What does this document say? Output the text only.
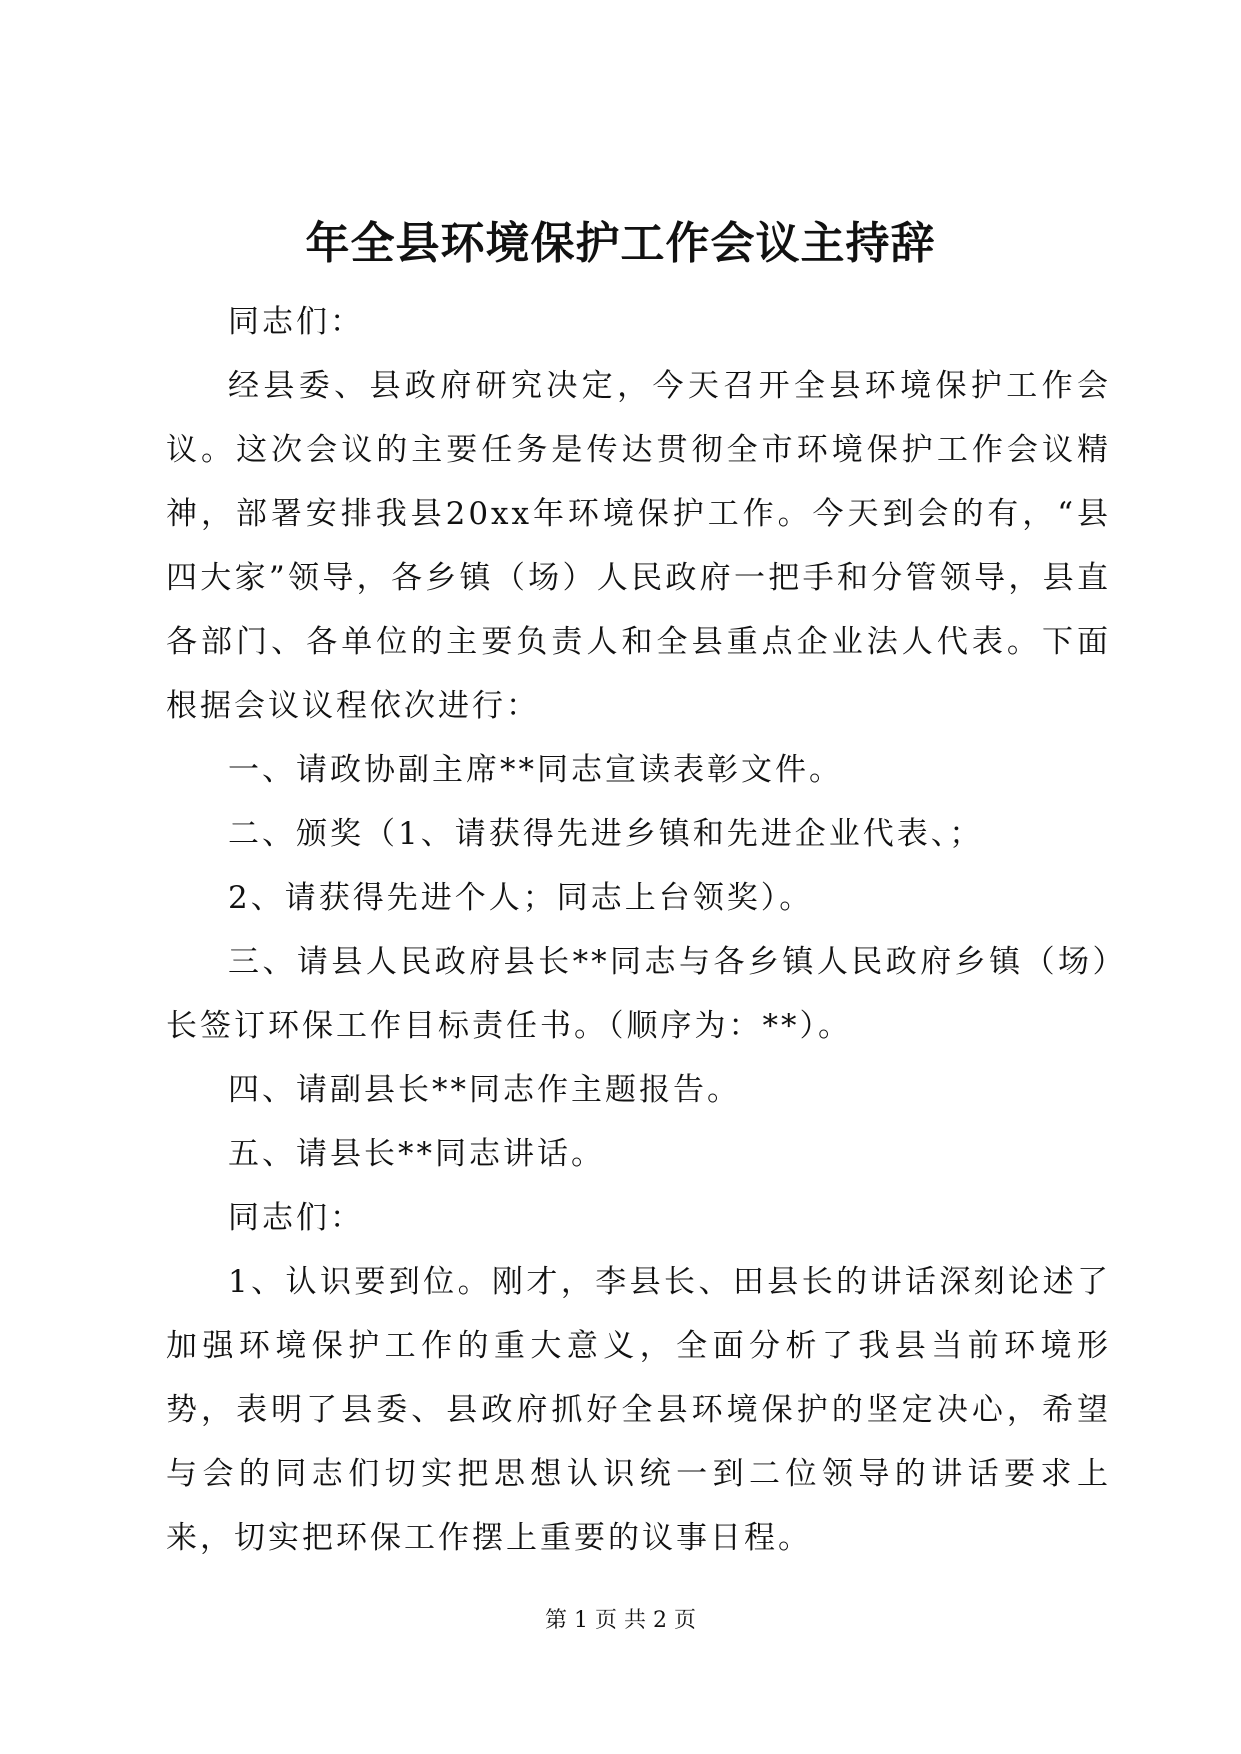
年全县环境保护工作会议主持辞

同志们：

经县委、县政府研究决定，今天召开全县环境保护工作会议。这次会议的主要任务是传达贯彻全市环境保护工作会议精神，部署安排我县20xx年环境保护工作。今天到会的有，“县四大家”领导，各乡镇（场）人民政府一把手和分管领导，县直各部门、各单位的主要负责人和全县重点企业法人代表。下面根据会议议程依次进行：

一、请政协副主席**同志宣读表彰文件。

二、颁奖（1、请获得先进乡镇和先进企业代表、；

2、请获得先进个人；同志上台领奖）。

三、请县人民政府县长**同志与各乡镇人民政府乡镇（场）长签订环保工作目标责任书。（顺序为：**）。

四、请副县长**同志作主题报告。

五、请县长**同志讲话。

同志们：

1、认识要到位。刚才，李县长、田县长的讲话深刻论述了加强环境保护工作的重大意义，全面分析了我县当前环境形势，表明了县委、县政府抓好全县环境保护的坚定决心，希望与会的同志们切实把思想认识统一到二位领导的讲话要求上来，切实把环保工作摆上重要的议事日程。

第 1 页 共 2 页
